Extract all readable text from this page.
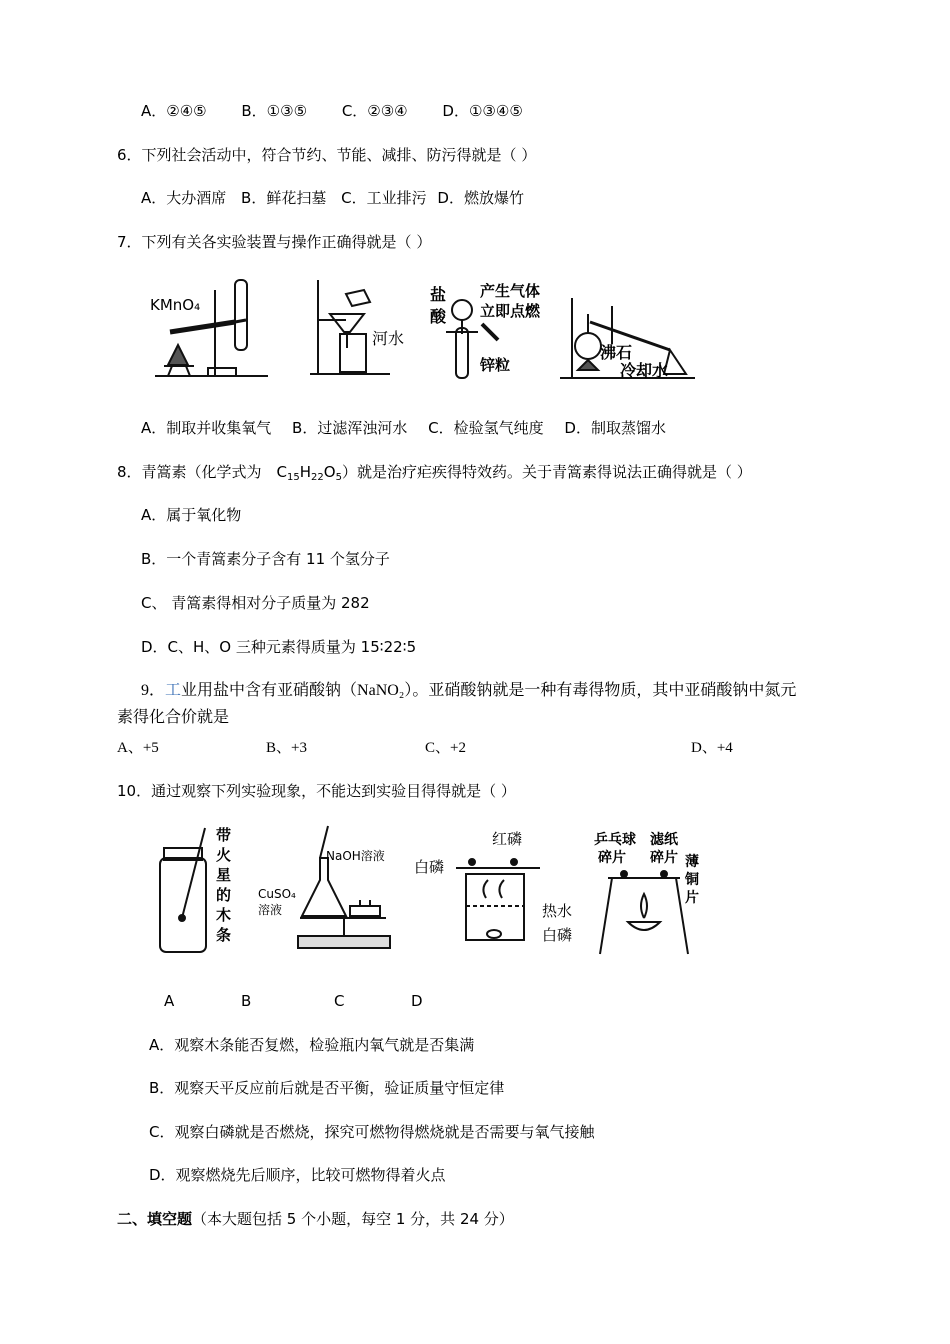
A．②④⑤ B．①③⑤ C．②③④ D．①③④⑤
6．下列社会活动中，符合节约、节能、减排、防污得就是（ ）
A．大办酒席 B．鲜花扫墓 C．工业排污 D．燃放爆竹
7．下列有关各实验装置与操作正确得就是（ ）
KMnO₄
河水
盐
酸
产生气体
立即点燃
锌粒
沸石
冷却水
A．制取并收集氧气 B．过滤浑浊河水 C．检验氢气纯度 D．制取蒸馏水
8．青篙素（化学式为　$C_{15}H_{22}O_5$）就是治疗疟疾得特效药。关于青篙素得说法正确得就是（ ）
A．属于氧化物
B．一个青篙素分子含有 11 个氢分子
C、 青篙素得相对分子质量为 282
D．C、H、O 三种元素得质量为 15∶22∶5
9．工业用盐中含有亚硝酸钠（NaNO₂）。亚硝酸钠就是一种有毒得物质，其中亚硝酸钠中氮元
素得化合价就是
A、+5	B、+3	C、+2	D、+4
10．通过观察下列实验现象，不能达到实验目得得就是（ ）
带
火
星
的
木
条
NaOH溶液
CuSO₄
溶液
红磷
白磷
热水
白磷
乒乓球
碎片
滤纸
碎片 薄
铜
片
A	B	C	D
A．观察木条能否复燃，检验瓶内氧气就是否集满
B．观察天平反应前后就是否平衡，验证质量守恒定律
C．观察白磷就是否燃烧，探究可燃物得燃烧就是否需要与氧气接触
D．观察燃烧先后顺序，比较可燃物得着火点
二、填空题（本大题包括 5 个小题，每空 1 分，共 24 分）
